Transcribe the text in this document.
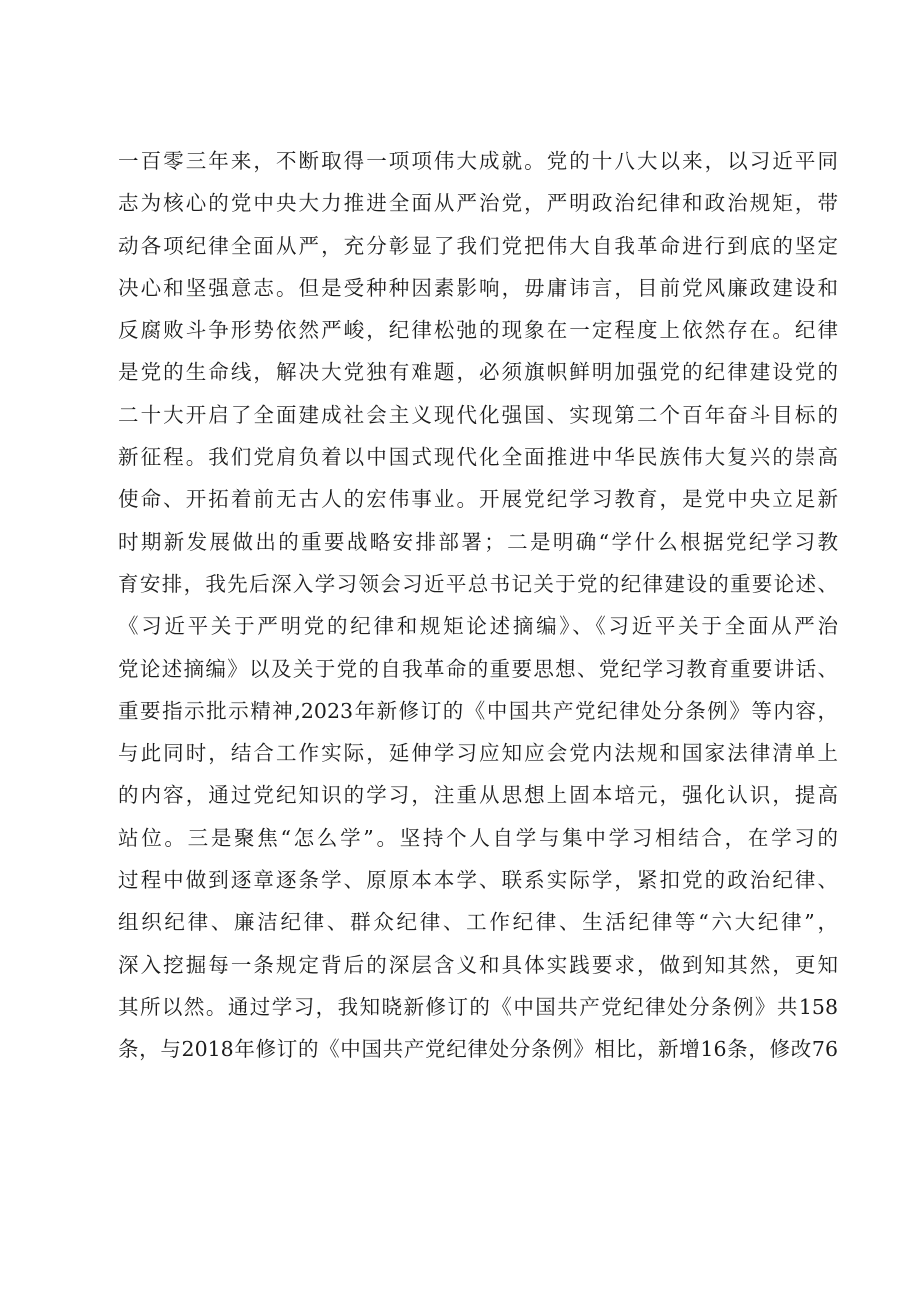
一百零三年来，不断取得一项项伟大成就。党的十八大以来，以习近平同
志为核心的党中央大力推进全面从严治党，严明政治纪律和政治规矩，带
动各项纪律全面从严，充分彰显了我们党把伟大自我革命进行到底的坚定
决心和坚强意志。但是受种种因素影响，毋庸讳言，目前党风廉政建设和
反腐败斗争形势依然严峻，纪律松弛的现象在一定程度上依然存在。纪律
是党的生命线，解决大党独有难题，必须旗帜鲜明加强党的纪律建设党的
二十大开启了全面建成社会主义现代化强国、实现第二个百年奋斗目标的
新征程。我们党肩负着以中国式现代化全面推进中华民族伟大复兴的崇高
使命、开拓着前无古人的宏伟事业。开展党纪学习教育，是党中央立足新
时期新发展做出的重要战略安排部署；二是明确“学什么根据党纪学习教
育安排，我先后深入学习领会习近平总书记关于党的纪律建设的重要论述、
《习近平关于严明党的纪律和规矩论述摘编》、《习近平关于全面从严治
党论述摘编》以及关于党的自我革命的重要思想、党纪学习教育重要讲话、
重要指示批示精神,2023年新修订的《中国共产党纪律处分条例》等内容，
与此同时，结合工作实际，延伸学习应知应会党内法规和国家法律清单上
的内容，通过党纪知识的学习，注重从思想上固本培元，强化认识，提高
站位。三是聚焦“怎么学”。坚持个人自学与集中学习相结合，在学习的
过程中做到逐章逐条学、原原本本学、联系实际学，紧扣党的政治纪律、
组织纪律、廉洁纪律、群众纪律、工作纪律、生活纪律等“六大纪律”，
深入挖掘每一条规定背后的深层含义和具体实践要求，做到知其然，更知
其所以然。通过学习，我知晓新修订的《中国共产党纪律处分条例》共158
条，与2018年修订的《中国共产党纪律处分条例》相比，新增16条，修改76
